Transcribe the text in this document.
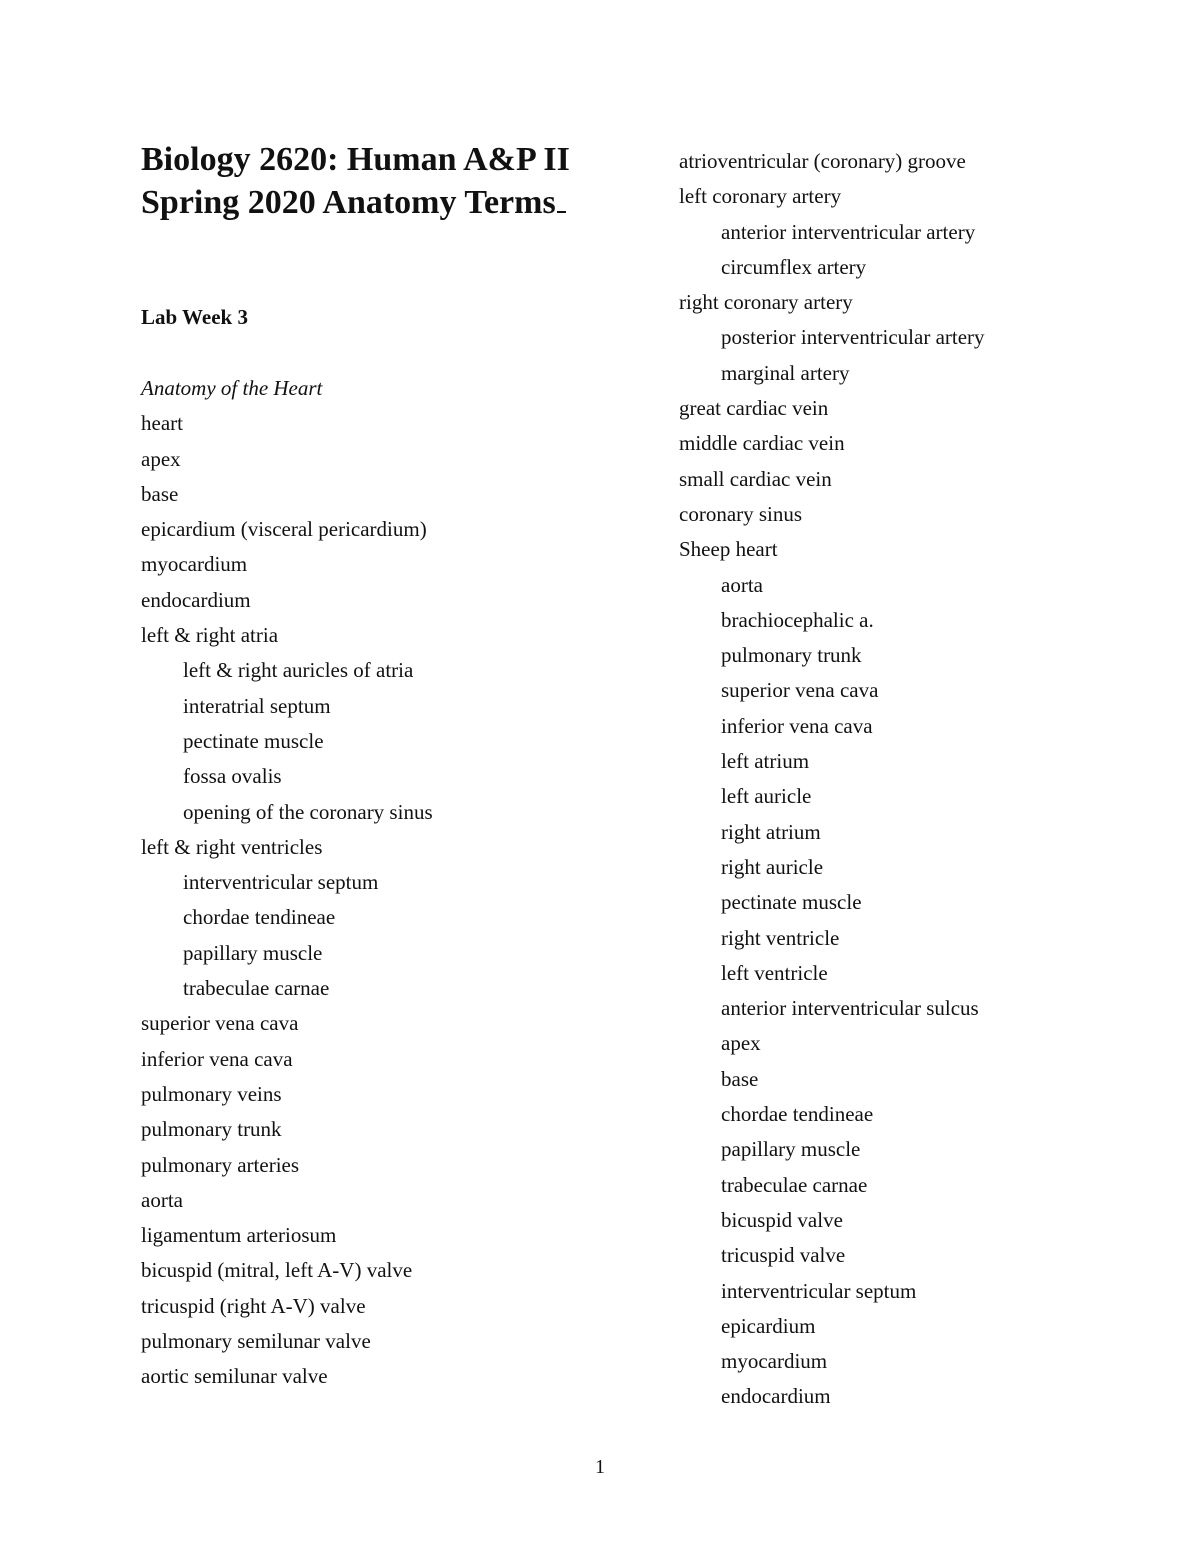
Biology 2620: Human A&P II
Spring 2020 Anatomy Terms
Lab Week 3
Anatomy of the Heart
heart
apex
base
epicardium (visceral pericardium)
myocardium
endocardium
left & right atria
left & right auricles of atria
interatrial septum
pectinate muscle
fossa ovalis
opening of the coronary sinus
left & right ventricles
interventricular septum
chordae tendineae
papillary muscle
trabeculae carnae
superior vena cava
inferior vena cava
pulmonary veins
pulmonary trunk
pulmonary arteries
aorta
ligamentum arteriosum
bicuspid (mitral, left A-V) valve
tricuspid (right A-V) valve
pulmonary semilunar valve
aortic semilunar valve
atrioventricular (coronary) groove
left coronary artery
anterior interventricular artery
circumflex artery
right coronary artery
posterior interventricular artery
marginal artery
great cardiac vein
middle cardiac vein
small cardiac vein
coronary sinus
Sheep heart
aorta
brachiocephalic a.
pulmonary trunk
superior vena cava
inferior vena cava
left atrium
left auricle
right atrium
right auricle
pectinate muscle
right ventricle
left ventricle
anterior interventricular sulcus
apex
base
chordae tendineae
papillary muscle
trabeculae carnae
bicuspid valve
tricuspid valve
interventricular septum
epicardium
myocardium
endocardium
1
